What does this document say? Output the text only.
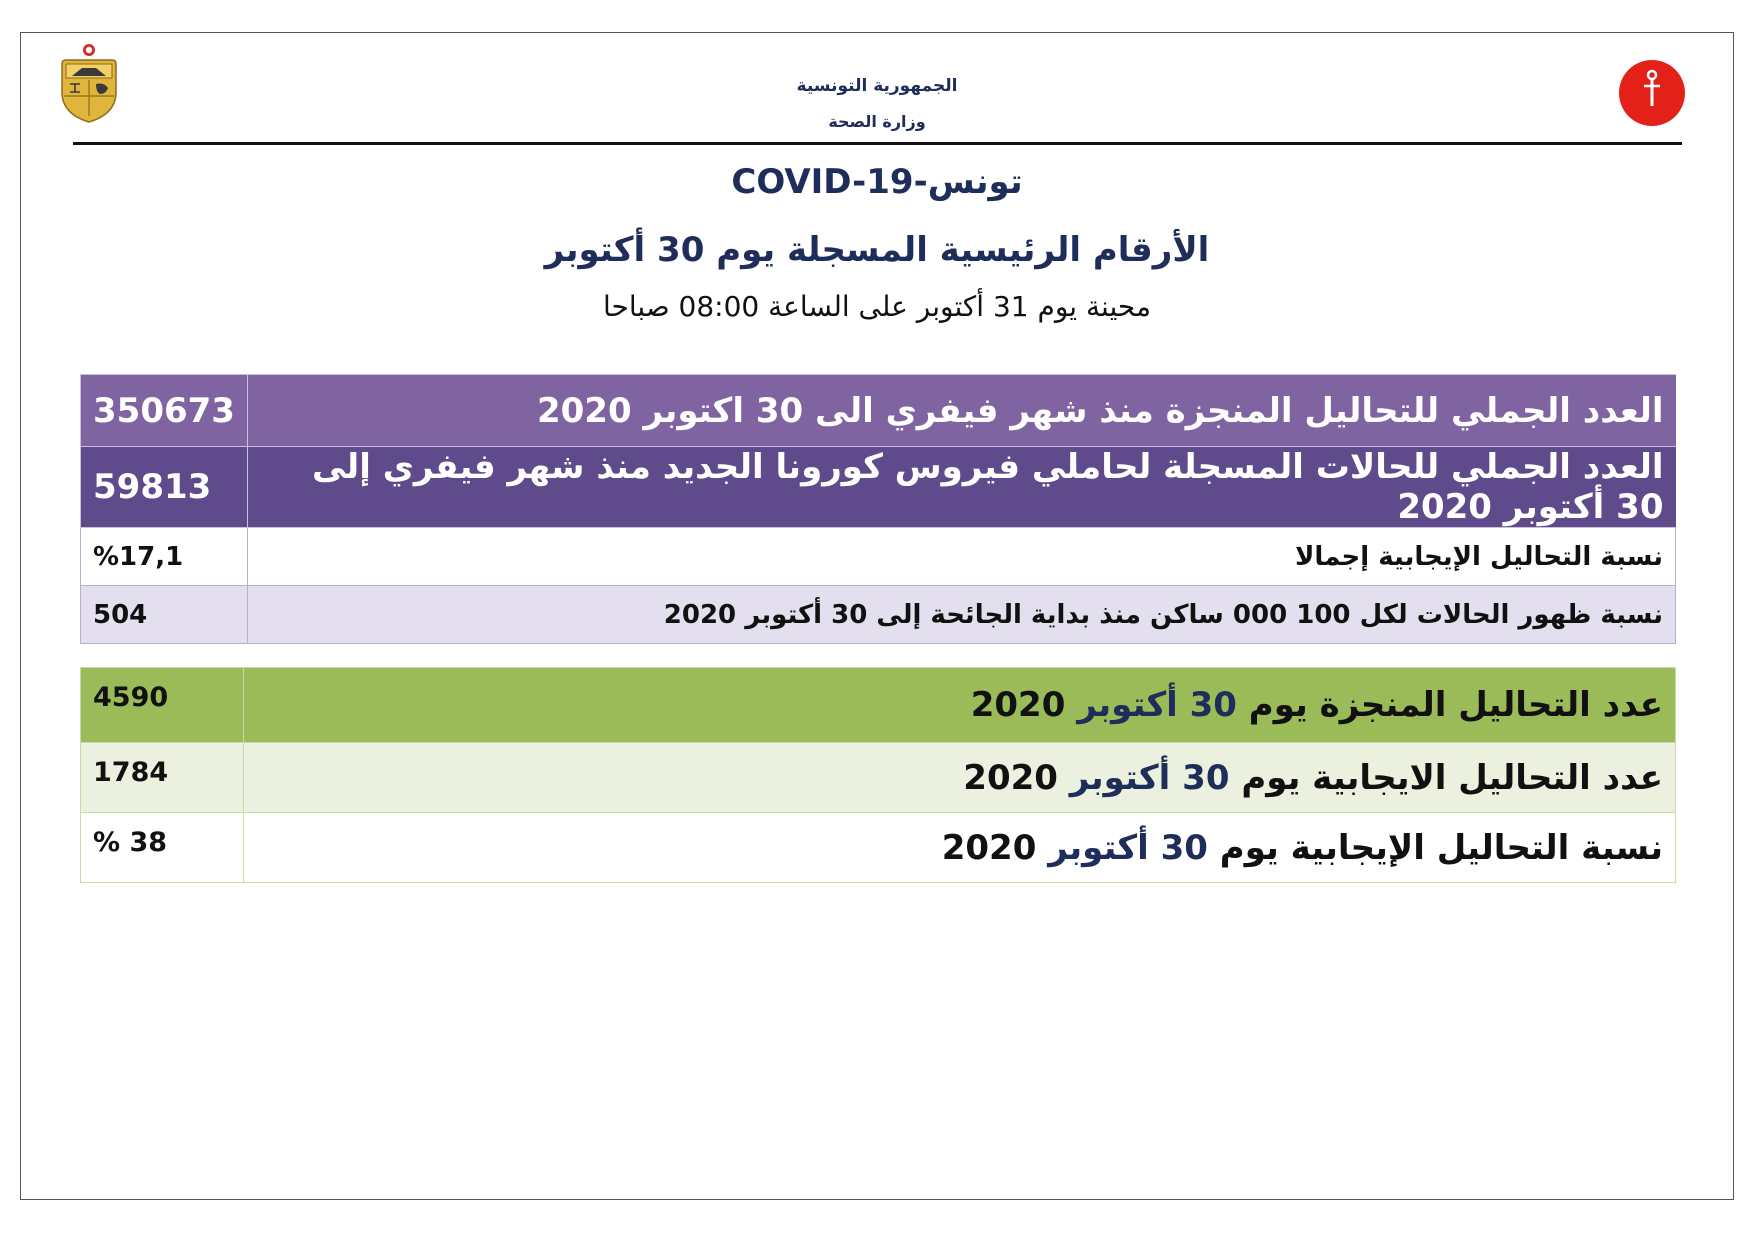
الجمهورية التونسية
وزارة الصحة
COVID-19-تونس
الأرقام الرئيسية المسجلة يوم 30 أكتوبر
محينة يوم 31 أكتوبر على الساعة 08:00 صباحا
العدد الجملي للتحاليل المنجزة منذ شهر فيفري الى 30 اكتوبر 2020	350673
العدد الجملي للحالات المسجلة لحاملي فيروس كورونا الجديد منذ شهر فيفري إلى 30 أكتوبر 2020	59813
نسبة التحاليل الإيجابية إجمالا	%17,1
نسبة ظهور الحالات لكل 100 000 ساكن منذ بداية الجائحة إلى 30 أكتوبر 2020	504
عدد التحاليل المنجزة يوم 30 أكتوبر 2020	4590
عدد التحاليل الايجابية يوم 30 أكتوبر 2020	1784
نسبة التحاليل الإيجابية يوم 30 أكتوبر 2020	% 38
